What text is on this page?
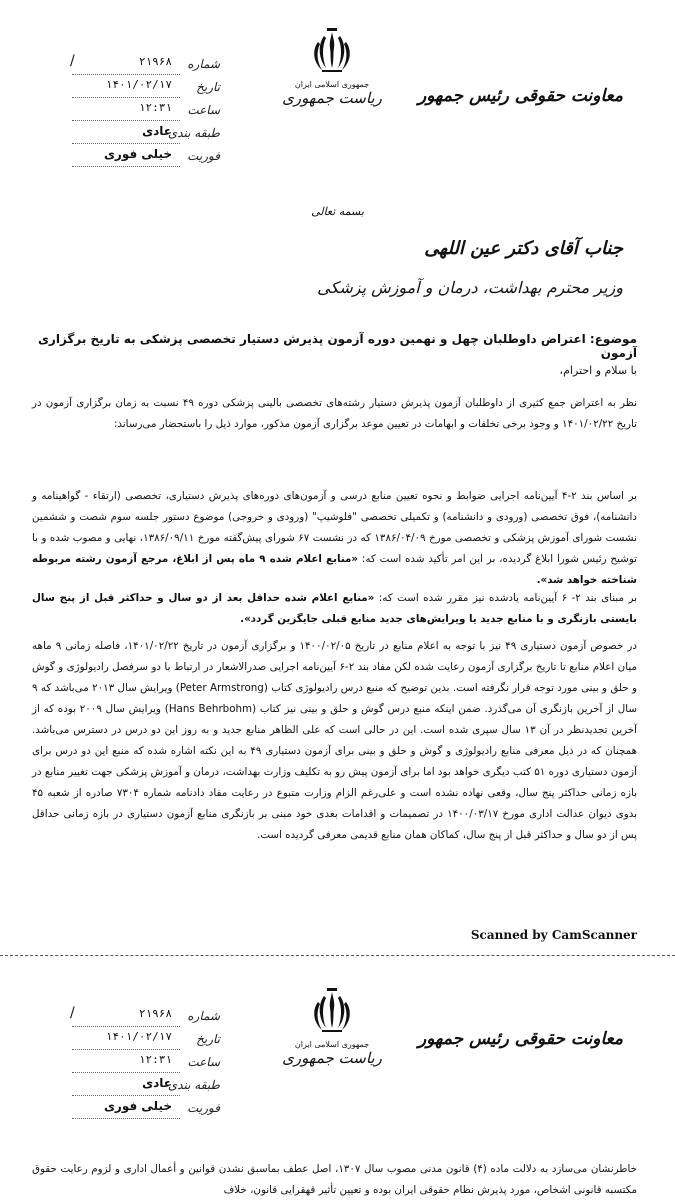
/	۲۱۹۶۸ شماره
۱۴۰۱/۰۲/۱۷ تاریخ
۱۲:۳۱ ساعت
عادی
طبقه بندی
خیلی فوری فوریت
جمهوری اسلامی ایران
ریاست جمهوری معاونت حقوقی رئیس جمهور
بسمه تعالی
جناب آقای دکتر عین اللهی
وزیر محترم بهداشت، درمان و آموزش پزشکی
موضوع: اعتراض داوطلبان چهل و نهمین دوره آزمون پذیرش دستیار تخصصی پزشکی به تاریخ برگزاری آزمون
با سلام و احترام،
نظر به اعتراض جمع کثیری از داوطلبان آزمون پذیرش دستیار رشته‌های تخصصی بالینی پزشکی دوره ۴۹ نسبت به زمان برگزاری آزمون در تاریخ ۱۴۰۱/۰۲/۲۲ و وجود برخی تخلفات و ابهامات در تعیین موعد برگزاری آزمون مذکور، موارد ذیل را باستحضار می‌رساند:
بر اساس بند ۲-۴ آیین‌نامه اجرایی ضوابط و نحوه تعیین منابع درسی و آزمون‌های دوره‌های پذیرش دستیاری، تخصصی (ارتقاء - گواهینامه و دانشنامه)، فوق تخصصی (ورودی و دانشنامه) و تکمیلی تخصصی "فلوشیپ" (ورودی و خروجی) موضوع دستور جلسه سوم شصت و ششمین نشست شورای آموزش پزشکی و تخصصی مورخ ۱۳۸۶/۰۴/۰۹ که در نشست ۶۷ شورای پیش‌گفته مورخ ۱۳۸۶/۰۹/۱۱، نهایی و مصوب شده و با توشیح رئیس شورا ابلاغ گردیده، بر این امر تأکید شده است که: «منابع اعلام شده ۹ ماه پس از ابلاغ، مرجع آزمون رشته مربوطه شناخته خواهد شد».
بر مبنای بند ۲- ۶ آیین‌نامه یادشده نیز مقرر شده است که: «منابع اعلام شده حداقل بعد از دو سال و حداکثر قبل از پنج سال بایستی بازنگری و با منابع جدید یا ویرایش‌های جدید منابع قبلی جایگزین گردد».
در خصوص آزمون دستیاری ۴۹ نیز با توجه به اعلام منابع در تاریخ ۱۴۰۰/۰۲/۰۵ و برگزاری آزمون در تاریخ ۱۴۰۱/۰۲/۲۲، فاصله زمانی ۹ ماهه میان اعلام منابع تا تاریخ برگزاری آزمون رعایت شده لکن مفاد بند ۲-۶ آیین‌نامه اجرایی صدرالاشعار در ارتباط با دو سرفصل رادیولوژی و گوش و حلق و بینی مورد توجه قرار نگرفته است. بدین توضیح که منبع درس رادیولوژی کتاب (Peter Armstrong) ویرایش سال ۲۰۱۳ می‌باشد که ۹ سال از آخرین بازنگری آن می‌گذرد. ضمن اینکه منبع درس گوش و حلق و بینی نیز کتاب (Hans Behrbohm) ویرایش سال ۲۰۰۹ بوده که از آخرین تجدیدنظر در آن ۱۳ سال سپری شده است. این در حالی است که علی الظاهر منابع جدید و به روز این دو درس در دسترس می‌باشد. همچنان که در ذیل معرفی منابع رادیولوژی و گوش و حلق و بینی برای آزمون دستیاری ۴۹ به این نکته اشاره شده که منبع این دو درس برای آزمون دستیاری دوره ۵۱ کتب دیگری خواهد بود اما برای آزمون پیش رو به تکلیف وزارت بهداشت، درمان و آموزش پزشکی جهت تغییر منابع در بازه زمانی حداکثر پنج سال، وقعی نهاده نشده است و علی‌رغم الزام وزارت متبوع در رعایت مفاد دادنامه شماره ۷۳۰۴ صادره از شعبه ۴۵ بدوی دیوان عدالت اداری مورخ ۱۴۰۰/۰۳/۱۷ در تصمیمات و اقدامات بعدی خود مبنی بر بازنگری منابع آزمون دستیاری در بازه زمانی حداقل پس از دو سال و حداکثر قبل از پنج سال، کماکان همان منابع قدیمی معرفی گردیده است.
Scanned by CamScanner
/	۲۱۹۶۸ شماره
۱۴۰۱/۰۲/۱۷ تاریخ
۱۲:۳۱ ساعت
عادی
طبقه بندی
خیلی فوری فوریت
جمهوری اسلامی ایران
ریاست جمهوری
معاونت حقوقی رئیس جمهور
خاطرنشان می‌سازد به دلالت ماده (۴) قانون مدنی مصوب سال ۱۳۰۷، اصل عطف بماسبق نشدن قوانین و أعمال اداری و لزوم رعایت حقوق مکتسبه قانونی اشخاص، مورد پذیرش نظام حقوقی ایران بوده و تعیین تأثیر قهقرایی قانون، خلاف
